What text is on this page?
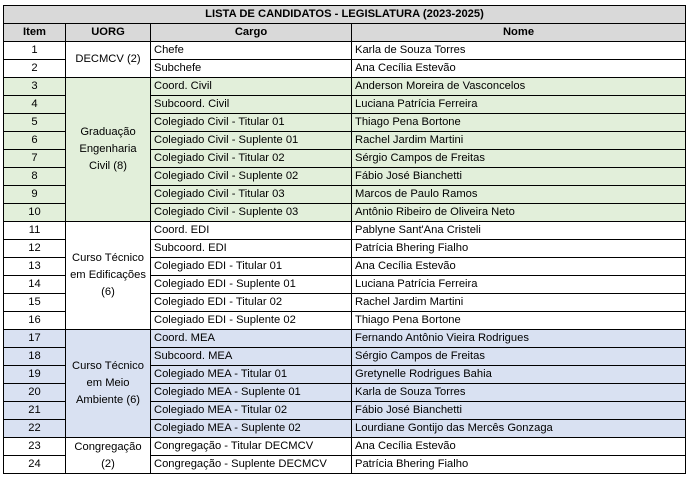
LISTA DE CANDIDATOS - LEGISLATURA (2023-2025)			
Item	UORG	Cargo	Nome
1	DECMCV (2)	Chefe	Karla de Souza Torres
2		Subchefe	Ana Cecília Estevão
3	Graduação Engenharia Civil (8)	Coord. Civil	Anderson Moreira de Vasconcelos
4		Subcoord. Civil	Luciana Patrícia Ferreira
5		Colegiado Civil - Titular 01	Thiago Pena Bortone
6		Colegiado Civil - Suplente 01	Rachel Jardim Martini
7		Colegiado Civil - Titular 02	Sérgio Campos de Freitas
8		Colegiado Civil - Suplente 02	Fábio José Bianchetti
9		Colegiado Civil - Titular 03	Marcos de Paulo Ramos
10		Colegiado Civil - Suplente 03	Antônio Ribeiro de Oliveira Neto
11	Curso Técnico em Edificações (6)	Coord. EDI	Pablyne Sant'Ana Cristeli
12		Subcoord. EDI	Patrícia Bhering Fialho
13		Colegiado EDI - Titular 01	Ana Cecília Estevão
14		Colegiado EDI - Suplente 01	Luciana Patrícia Ferreira
15		Colegiado EDI - Titular 02	Rachel Jardim Martini
16		Colegiado EDI - Suplente 02	Thiago Pena Bortone
17	Curso Técnico em Meio Ambiente (6)	Coord. MEA	Fernando Antônio Vieira Rodrigues
18		Subcoord. MEA	Sérgio Campos de Freitas
19		Colegiado MEA - Titular 01	Gretynelle Rodrigues Bahia
20		Colegiado MEA - Suplente 01	Karla de Souza Torres
21		Colegiado MEA - Titular 02	Fábio José Bianchetti
22		Colegiado MEA - Suplente 02	Lourdiane Gontijo das Mercês Gonzaga
23	Congregação (2)	Congregação - Titular DECMCV	Ana Cecília Estevão
24		Congregação - Suplente DECMCV	Patrícia Bhering Fialho
